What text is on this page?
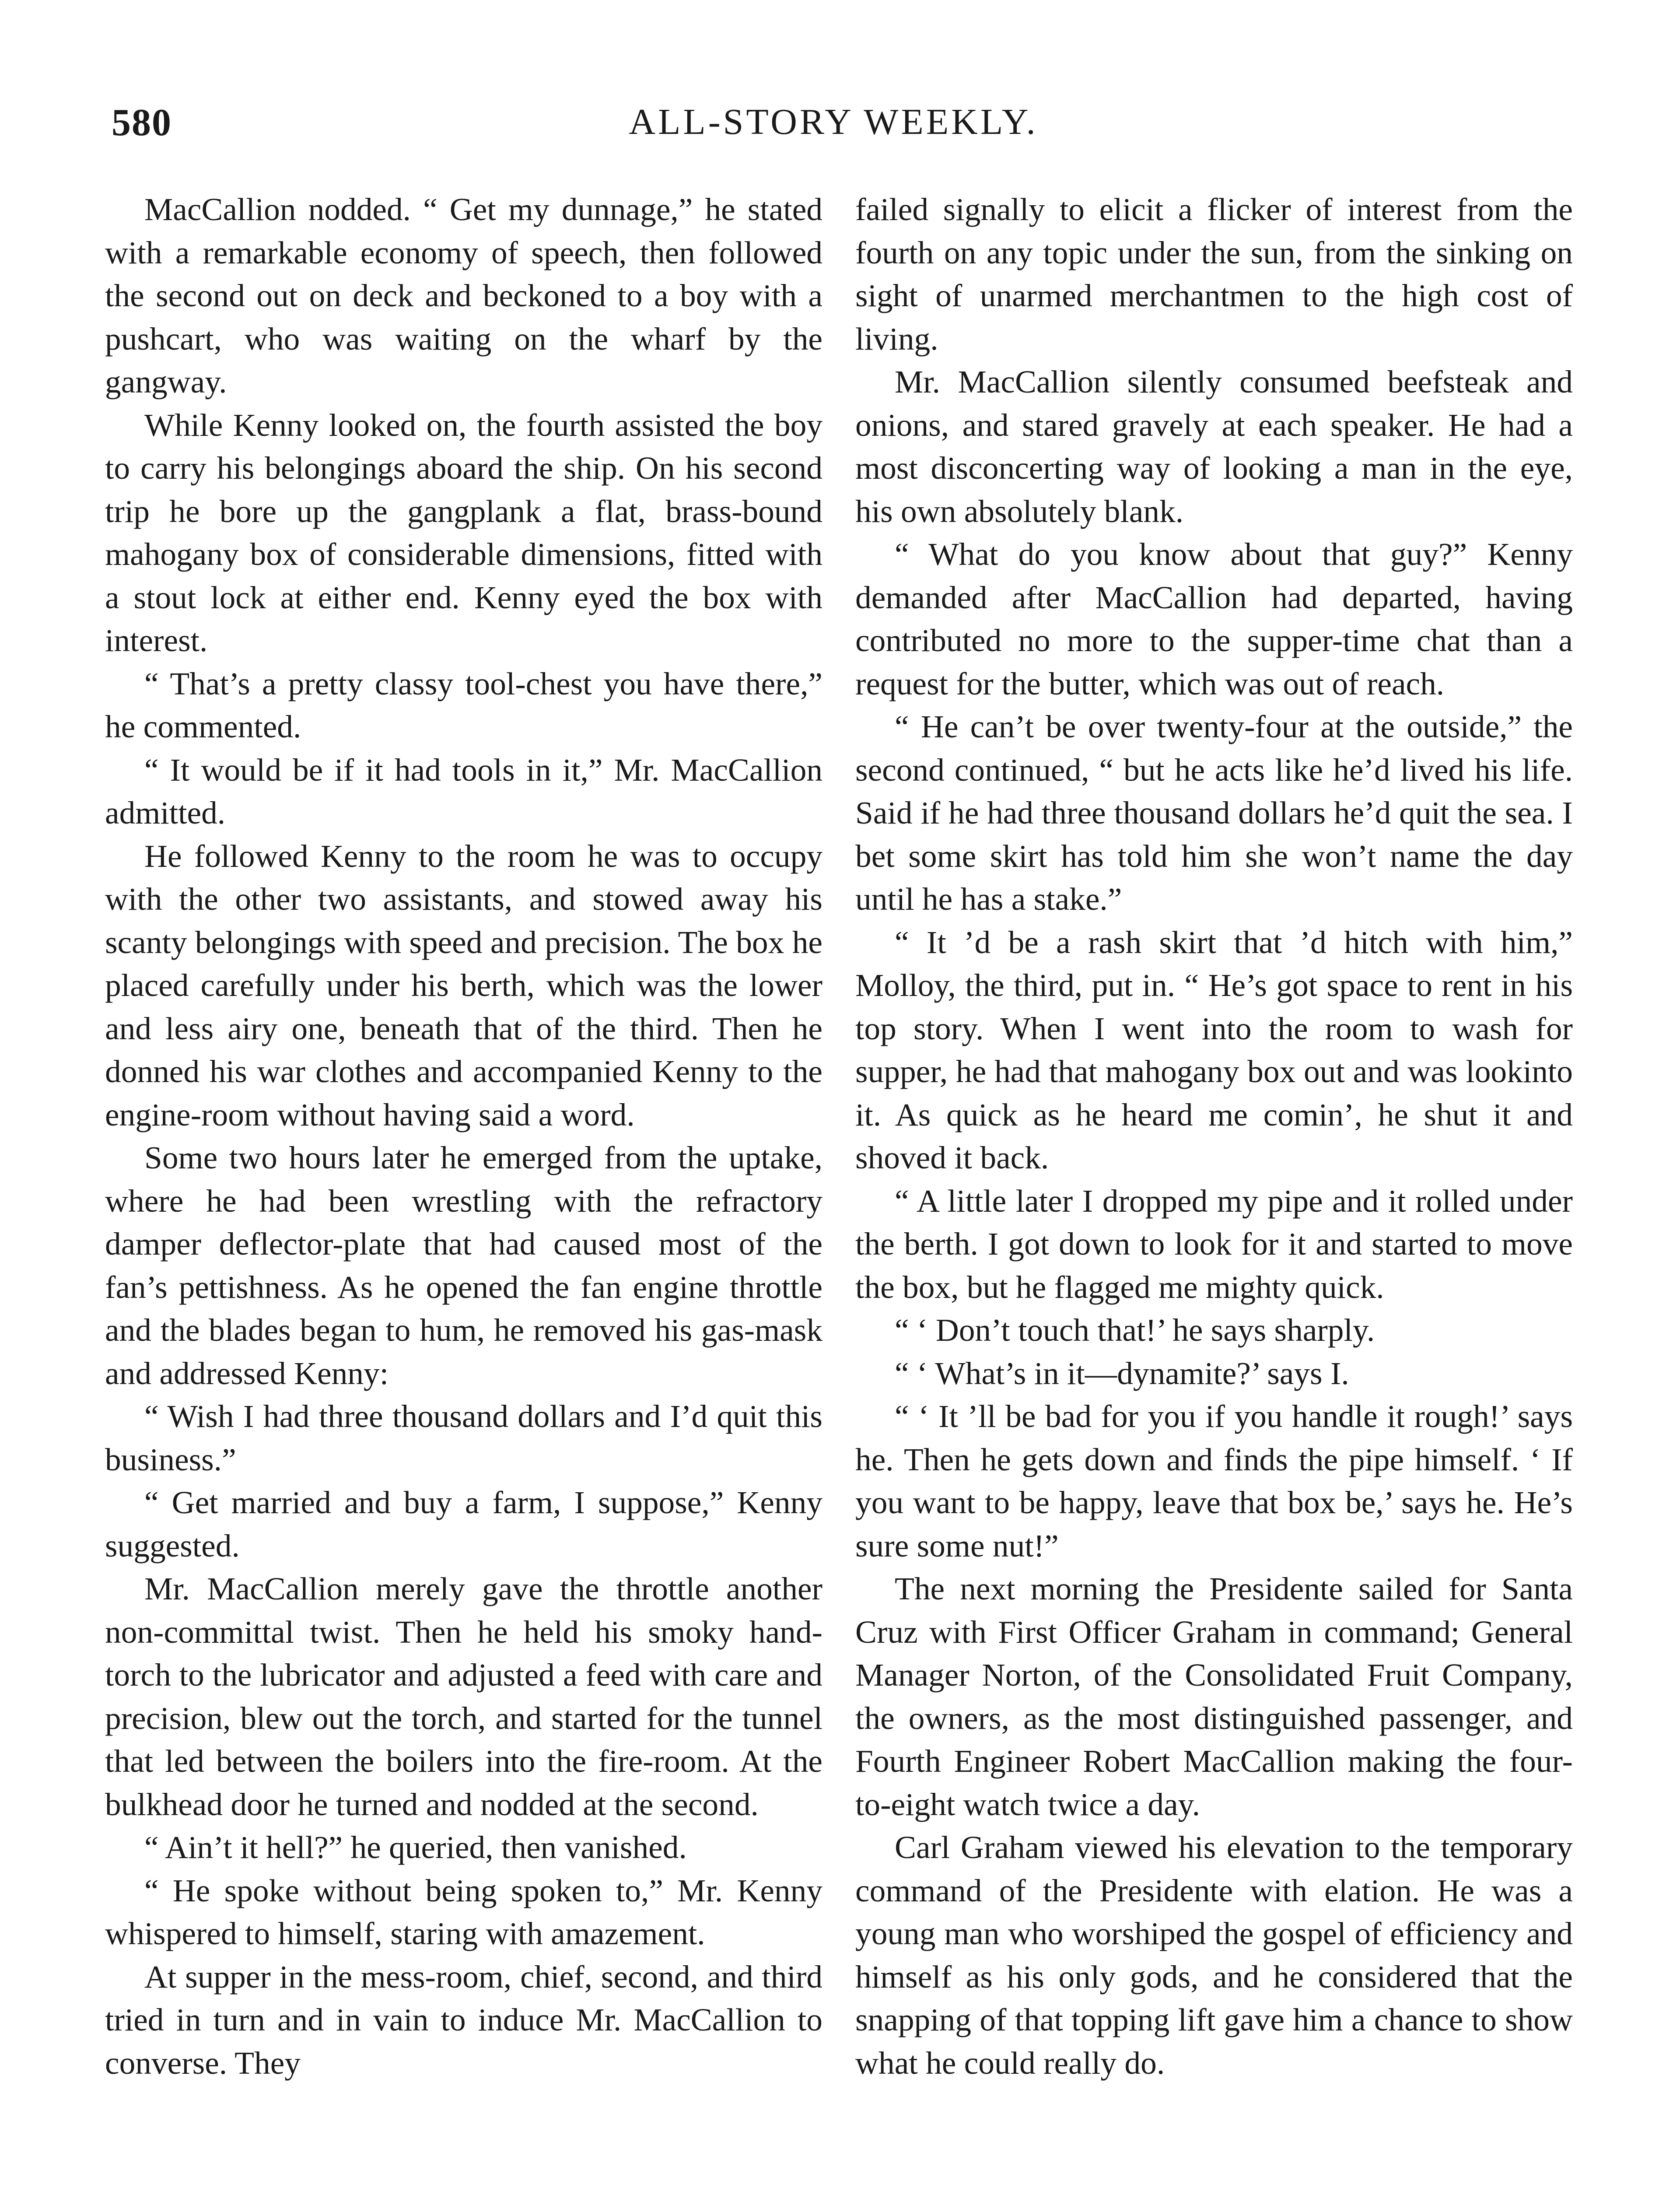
580	ALL-STORY WEEKLY.

MacCallion nodded. “ Get my dunnage,” he stated with a remarkable economy of speech, then followed the second out on deck and beckoned to a boy with a pushcart, who was waiting on the wharf by the gangway.

While Kenny looked on, the fourth assisted the boy to carry his belongings aboard the ship. On his second trip he bore up the gangplank a flat, brass-bound mahogany box of considerable dimensions, fitted with a stout lock at either end. Kenny eyed the box with interest.

“ That’s a pretty classy tool-chest you have there,” he commented.

“ It would be if it had tools in it,” Mr. MacCallion admitted.

He followed Kenny to the room he was to occupy with the other two assistants, and stowed away his scanty belongings with speed and precision. The box he placed carefully under his berth, which was the lower and less airy one, beneath that of the third. Then he donned his war clothes and accompanied Kenny to the engine-room without having said a word.

Some two hours later he emerged from the uptake, where he had been wrestling with the refractory damper deflector-plate that had caused most of the fan’s pettishness. As he opened the fan engine throttle and the blades began to hum, he removed his gas-mask and addressed Kenny:

“ Wish I had three thousand dollars and I’d quit this business.”

“ Get married and buy a farm, I suppose,” Kenny suggested.

Mr. MacCallion merely gave the throttle another non-committal twist. Then he held his smoky hand-torch to the lubricator and adjusted a feed with care and precision, blew out the torch, and started for the tunnel that led between the boilers into the fire-room. At the bulkhead door he turned and nodded at the second.

“ Ain’t it hell?” he queried, then vanished.

“ He spoke without being spoken to,” Mr. Kenny whispered to himself, staring with amazement.

At supper in the mess-room, chief, second, and third tried in turn and in vain to induce Mr. MacCallion to converse. They

failed signally to elicit a flicker of interest from the fourth on any topic under the sun, from the sinking on sight of unarmed merchantmen to the high cost of living.

Mr. MacCallion silently consumed beefsteak and onions, and stared gravely at each speaker. He had a most disconcerting way of looking a man in the eye, his own absolutely blank.

“ What do you know about that guy?” Kenny demanded after MacCallion had departed, having contributed no more to the supper-time chat than a request for the butter, which was out of reach.

“ He can’t be over twenty-four at the outside,” the second continued, “ but he acts like he’d lived his life. Said if he had three thousand dollars he’d quit the sea. I bet some skirt has told him she won’t name the day until he has a stake.”

“ It ’d be a rash skirt that ’d hitch with him,” Molloy, the third, put in. “ He’s got space to rent in his top story. When I went into the room to wash for supper, he had that mahogany box out and was lookinto it. As quick as he heard me comin’, he shut it and shoved it back.

“ A little later I dropped my pipe and it rolled under the berth. I got down to look for it and started to move the box, but he flagged me mighty quick.

“ ‘ Don’t touch that!’ he says sharply.

“ ‘ What’s in it—dynamite?’ says I.

“ ‘ It ’ll be bad for you if you handle it rough!’ says he. Then he gets down and finds the pipe himself. ‘ If you want to be happy, leave that box be,’ says he. He’s sure some nut!”

The next morning the Presidente sailed for Santa Cruz with First Officer Graham in command; General Manager Norton, of the Consolidated Fruit Company, the owners, as the most distinguished passenger, and Fourth Engineer Robert MacCallion making the four-to-eight watch twice a day.

Carl Graham viewed his elevation to the temporary command of the Presidente with elation. He was a young man who worshiped the gospel of efficiency and himself as his only gods, and he considered that the snapping of that topping lift gave him a chance to show what he could really do.
